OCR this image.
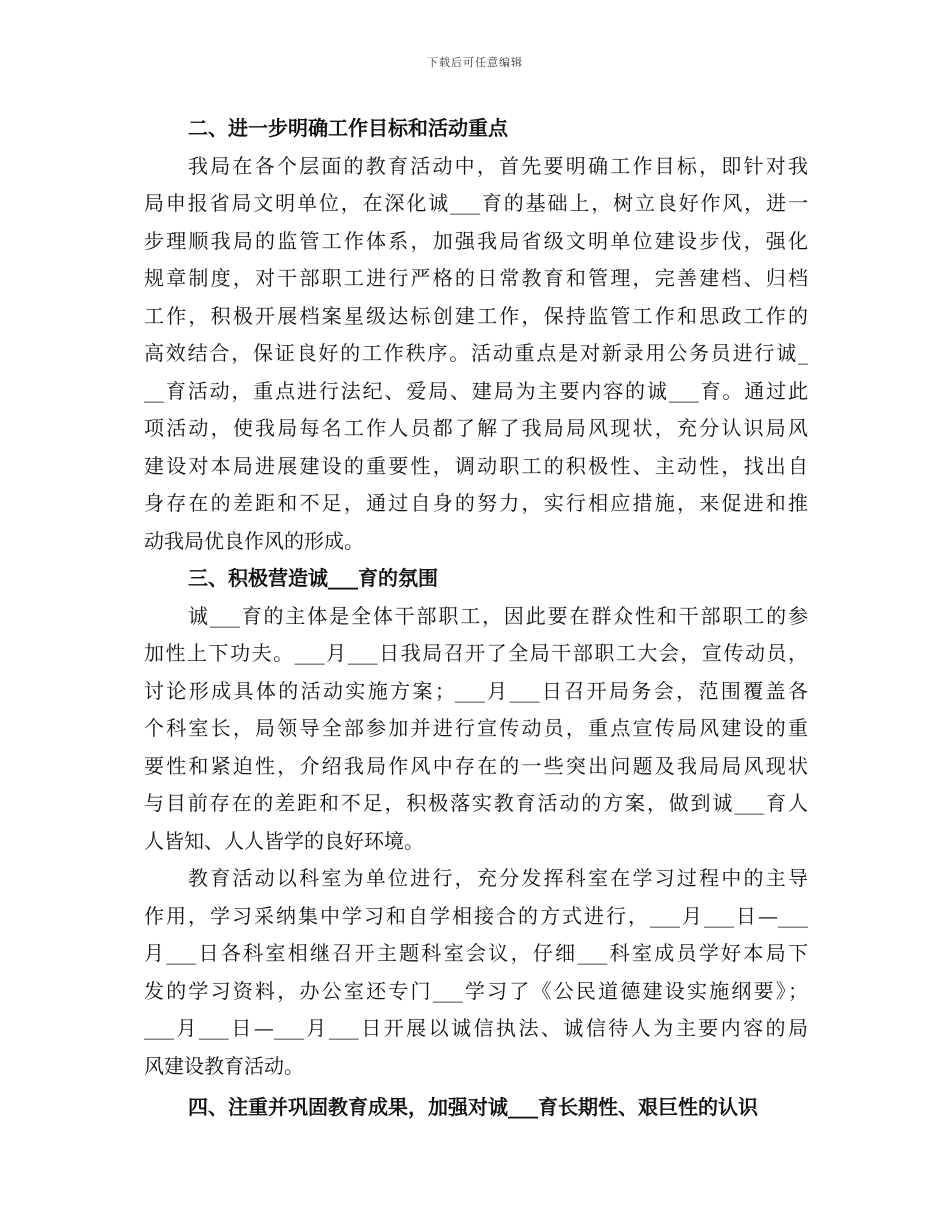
下载后可任意编辑
二、进一步明确工作目标和活动重点
我局在各个层面的教育活动中，首先要明确工作目标，即针对我
局申报省局文明单位，在深化诚___育的基础上，树立良好作风，进一
步理顺我局的监管工作体系，加强我局省级文明单位建设步伐，强化
规章制度，对干部职工进行严格的日常教育和管理，完善建档、归档
工作，积极开展档案星级达标创建工作，保持监管工作和思政工作的
高效结合，保证良好的工作秩序。活动重点是对新录用公务员进行诚_
__育活动，重点进行法纪、爱局、建局为主要内容的诚___育。通过此
项活动，使我局每名工作人员都了解了我局局风现状，充分认识局风
建设对本局进展建设的重要性，调动职工的积极性、主动性，找出自
身存在的差距和不足，通过自身的努力，实行相应措施，来促进和推
动我局优良作风的形成。
三、积极营造诚___育的氛围
诚___育的主体是全体干部职工，因此要在群众性和干部职工的参
加性上下功夫。___月___日我局召开了全局干部职工大会，宣传动员，
讨论形成具体的活动实施方案；___月___日召开局务会，范围覆盖各
个科室长，局领导全部参加并进行宣传动员，重点宣传局风建设的重
要性和紧迫性，介绍我局作风中存在的一些突出问题及我局局风现状
与目前存在的差距和不足，积极落实教育活动的方案，做到诚___育人
人皆知、人人皆学的良好环境。
教育活动以科室为单位进行，充分发挥科室在学习过程中的主导
作用，学习采纳集中学习和自学相接合的方式进行，___月___日—___
月___日各科室相继召开主题科室会议，仔细___科室成员学好本局下
发的学习资料，办公室还专门___学习了《公民道德建设实施纲要》；
___月___日—___月___日开展以诚信执法、诚信待人为主要内容的局
风建设教育活动。
四、注重并巩固教育成果，加强对诚___育长期性、艰巨性的认识
